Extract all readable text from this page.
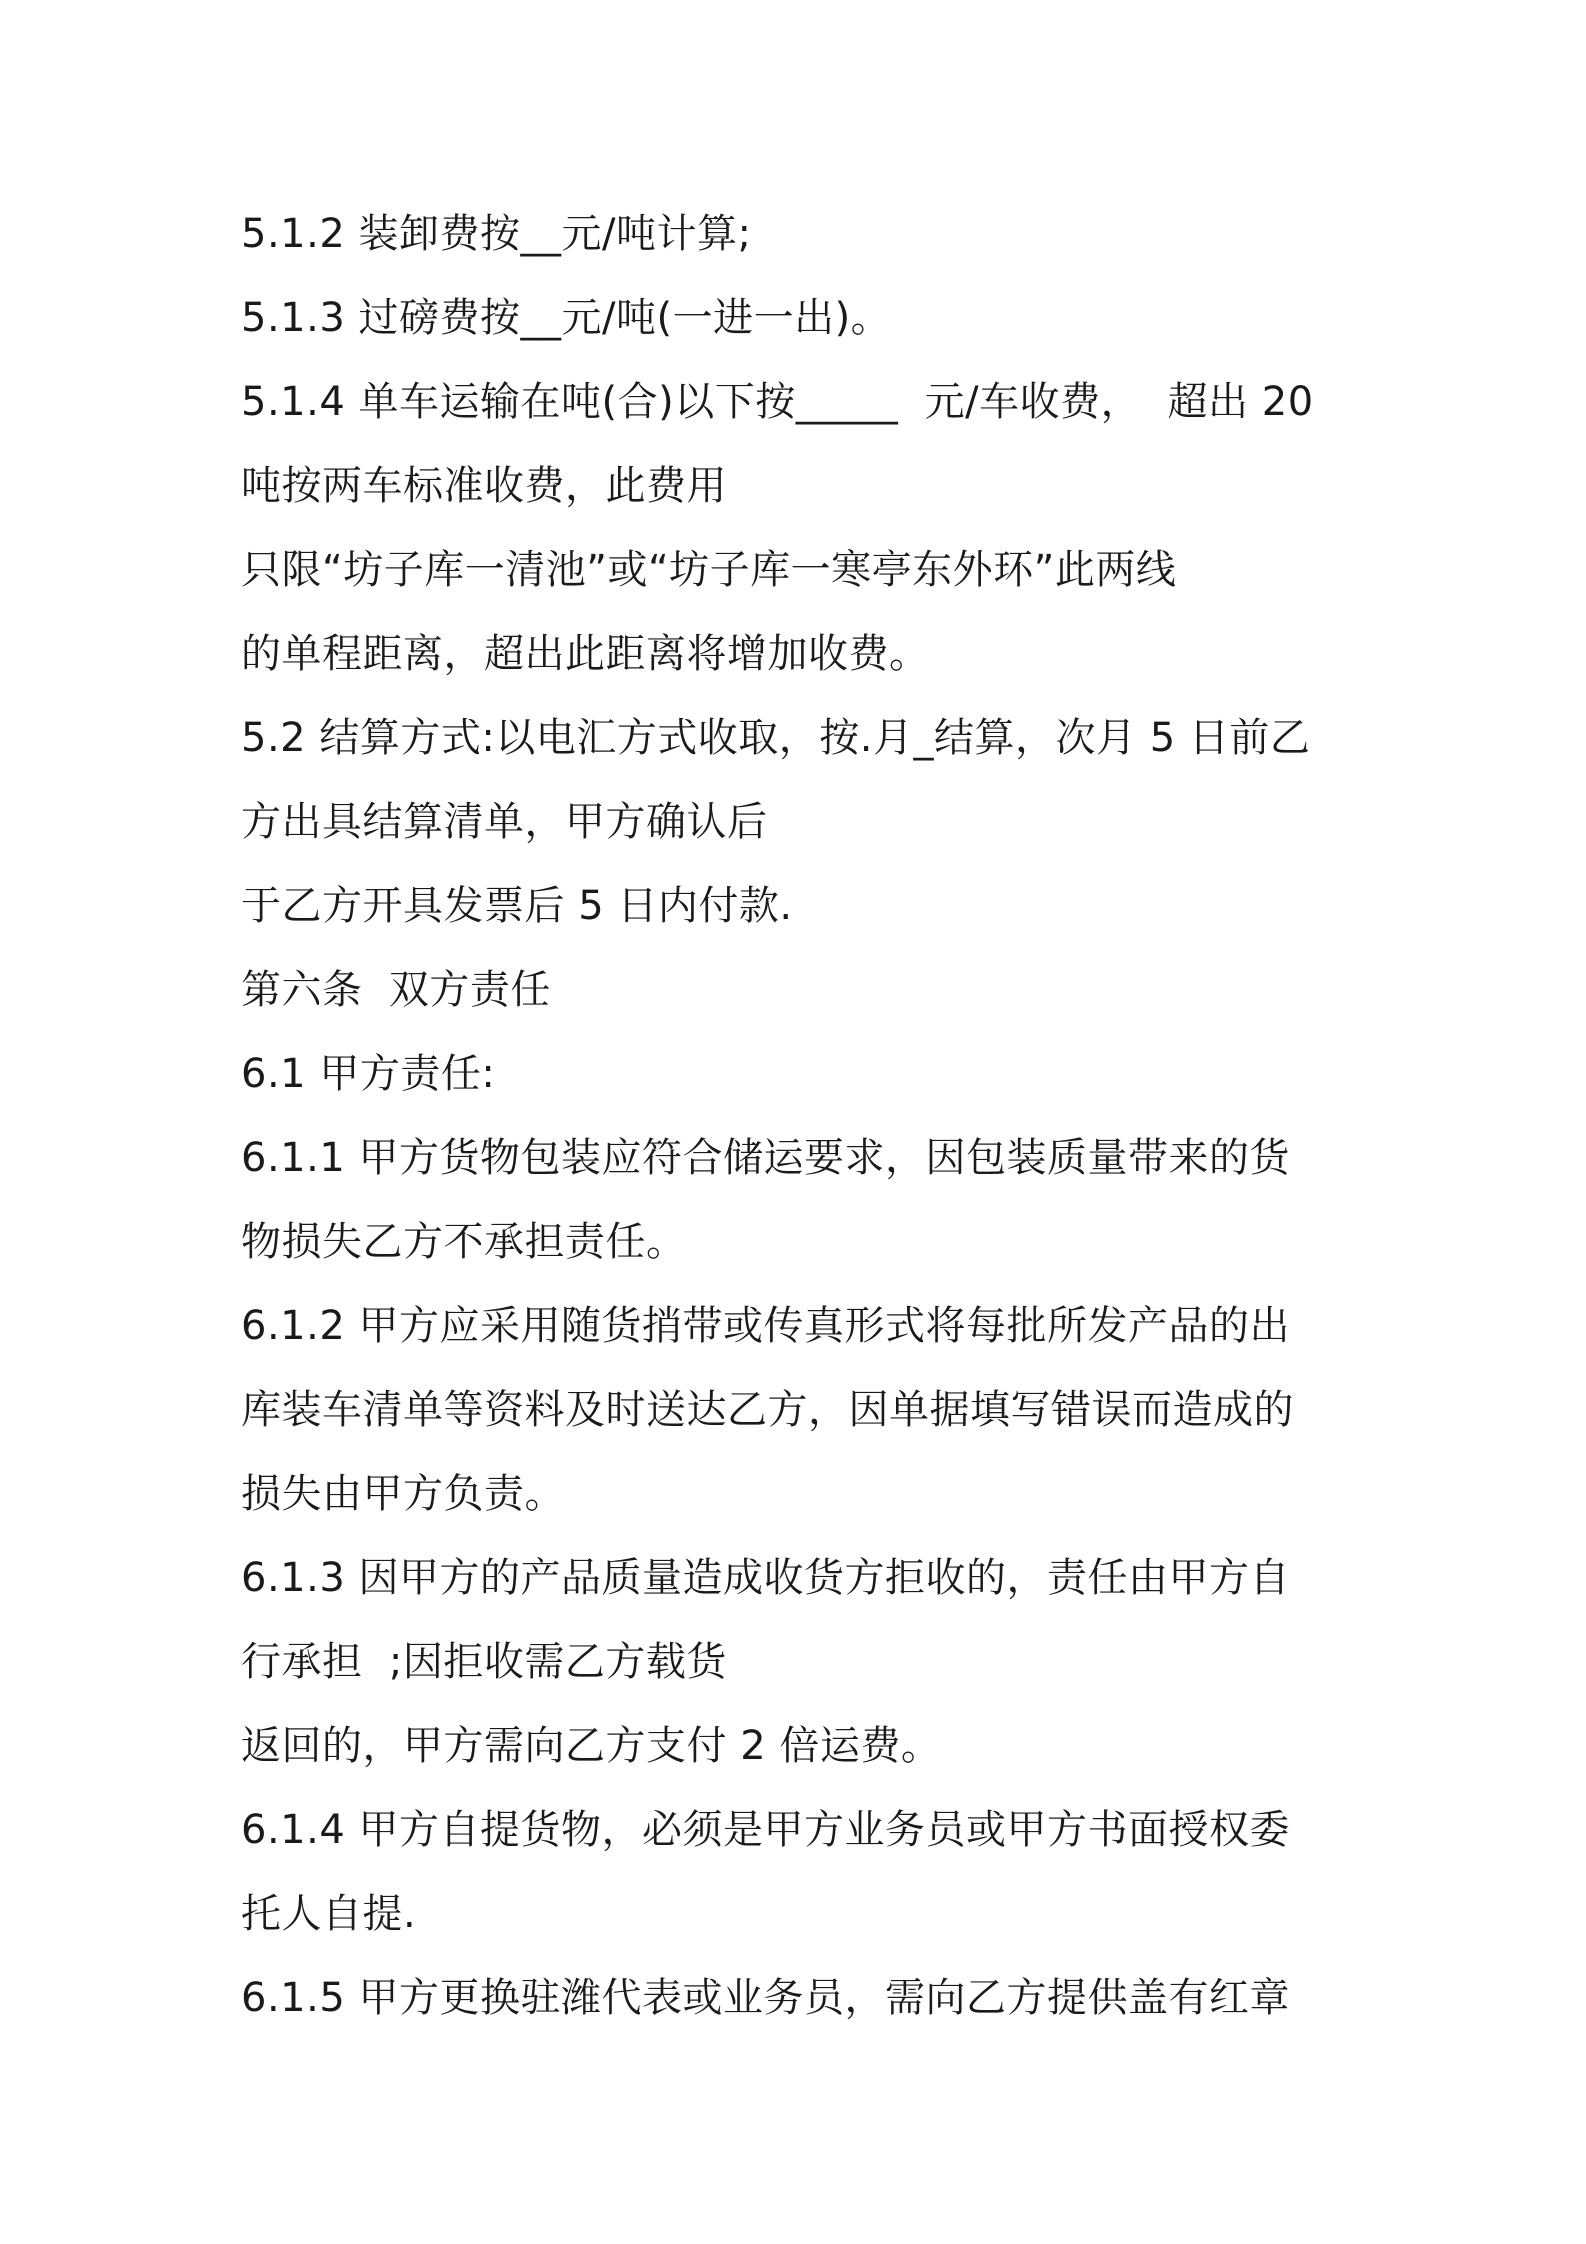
5.1.2 装卸费按__元/吨计算;
5.1.3 过磅费按__元/吨(一进一出)。
5.1.4 单车运输在吨(合)以下按_____  元/车收费，  超出 20
吨按两车标准收费，此费用
只限“坊子库一清池”或“坊子库一寒亭东外环”此两线
的单程距离，超出此距离将增加收费。
5.2 结算方式:以电汇方式收取，按.月_结算，次月 5 日前乙
方出具结算清单，甲方确认后
于乙方开具发票后 5 日内付款.
第六条  双方责任
6.1 甲方责任:
6.1.1 甲方货物包装应符合储运要求，因包装质量带来的货
物损失乙方不承担责任。
6.1.2 甲方应采用随货捎带或传真形式将每批所发产品的出
库装车清单等资料及时送达乙方，因单据填写错误而造成的
损失由甲方负责。
6.1.3 因甲方的产品质量造成收货方拒收的，责任由甲方自
行承担  ;因拒收需乙方载货
返回的，甲方需向乙方支付 2 倍运费。
6.1.4 甲方自提货物，必须是甲方业务员或甲方书面授权委
托人自提.
6.1.5 甲方更换驻潍代表或业务员，需向乙方提供盖有红章
